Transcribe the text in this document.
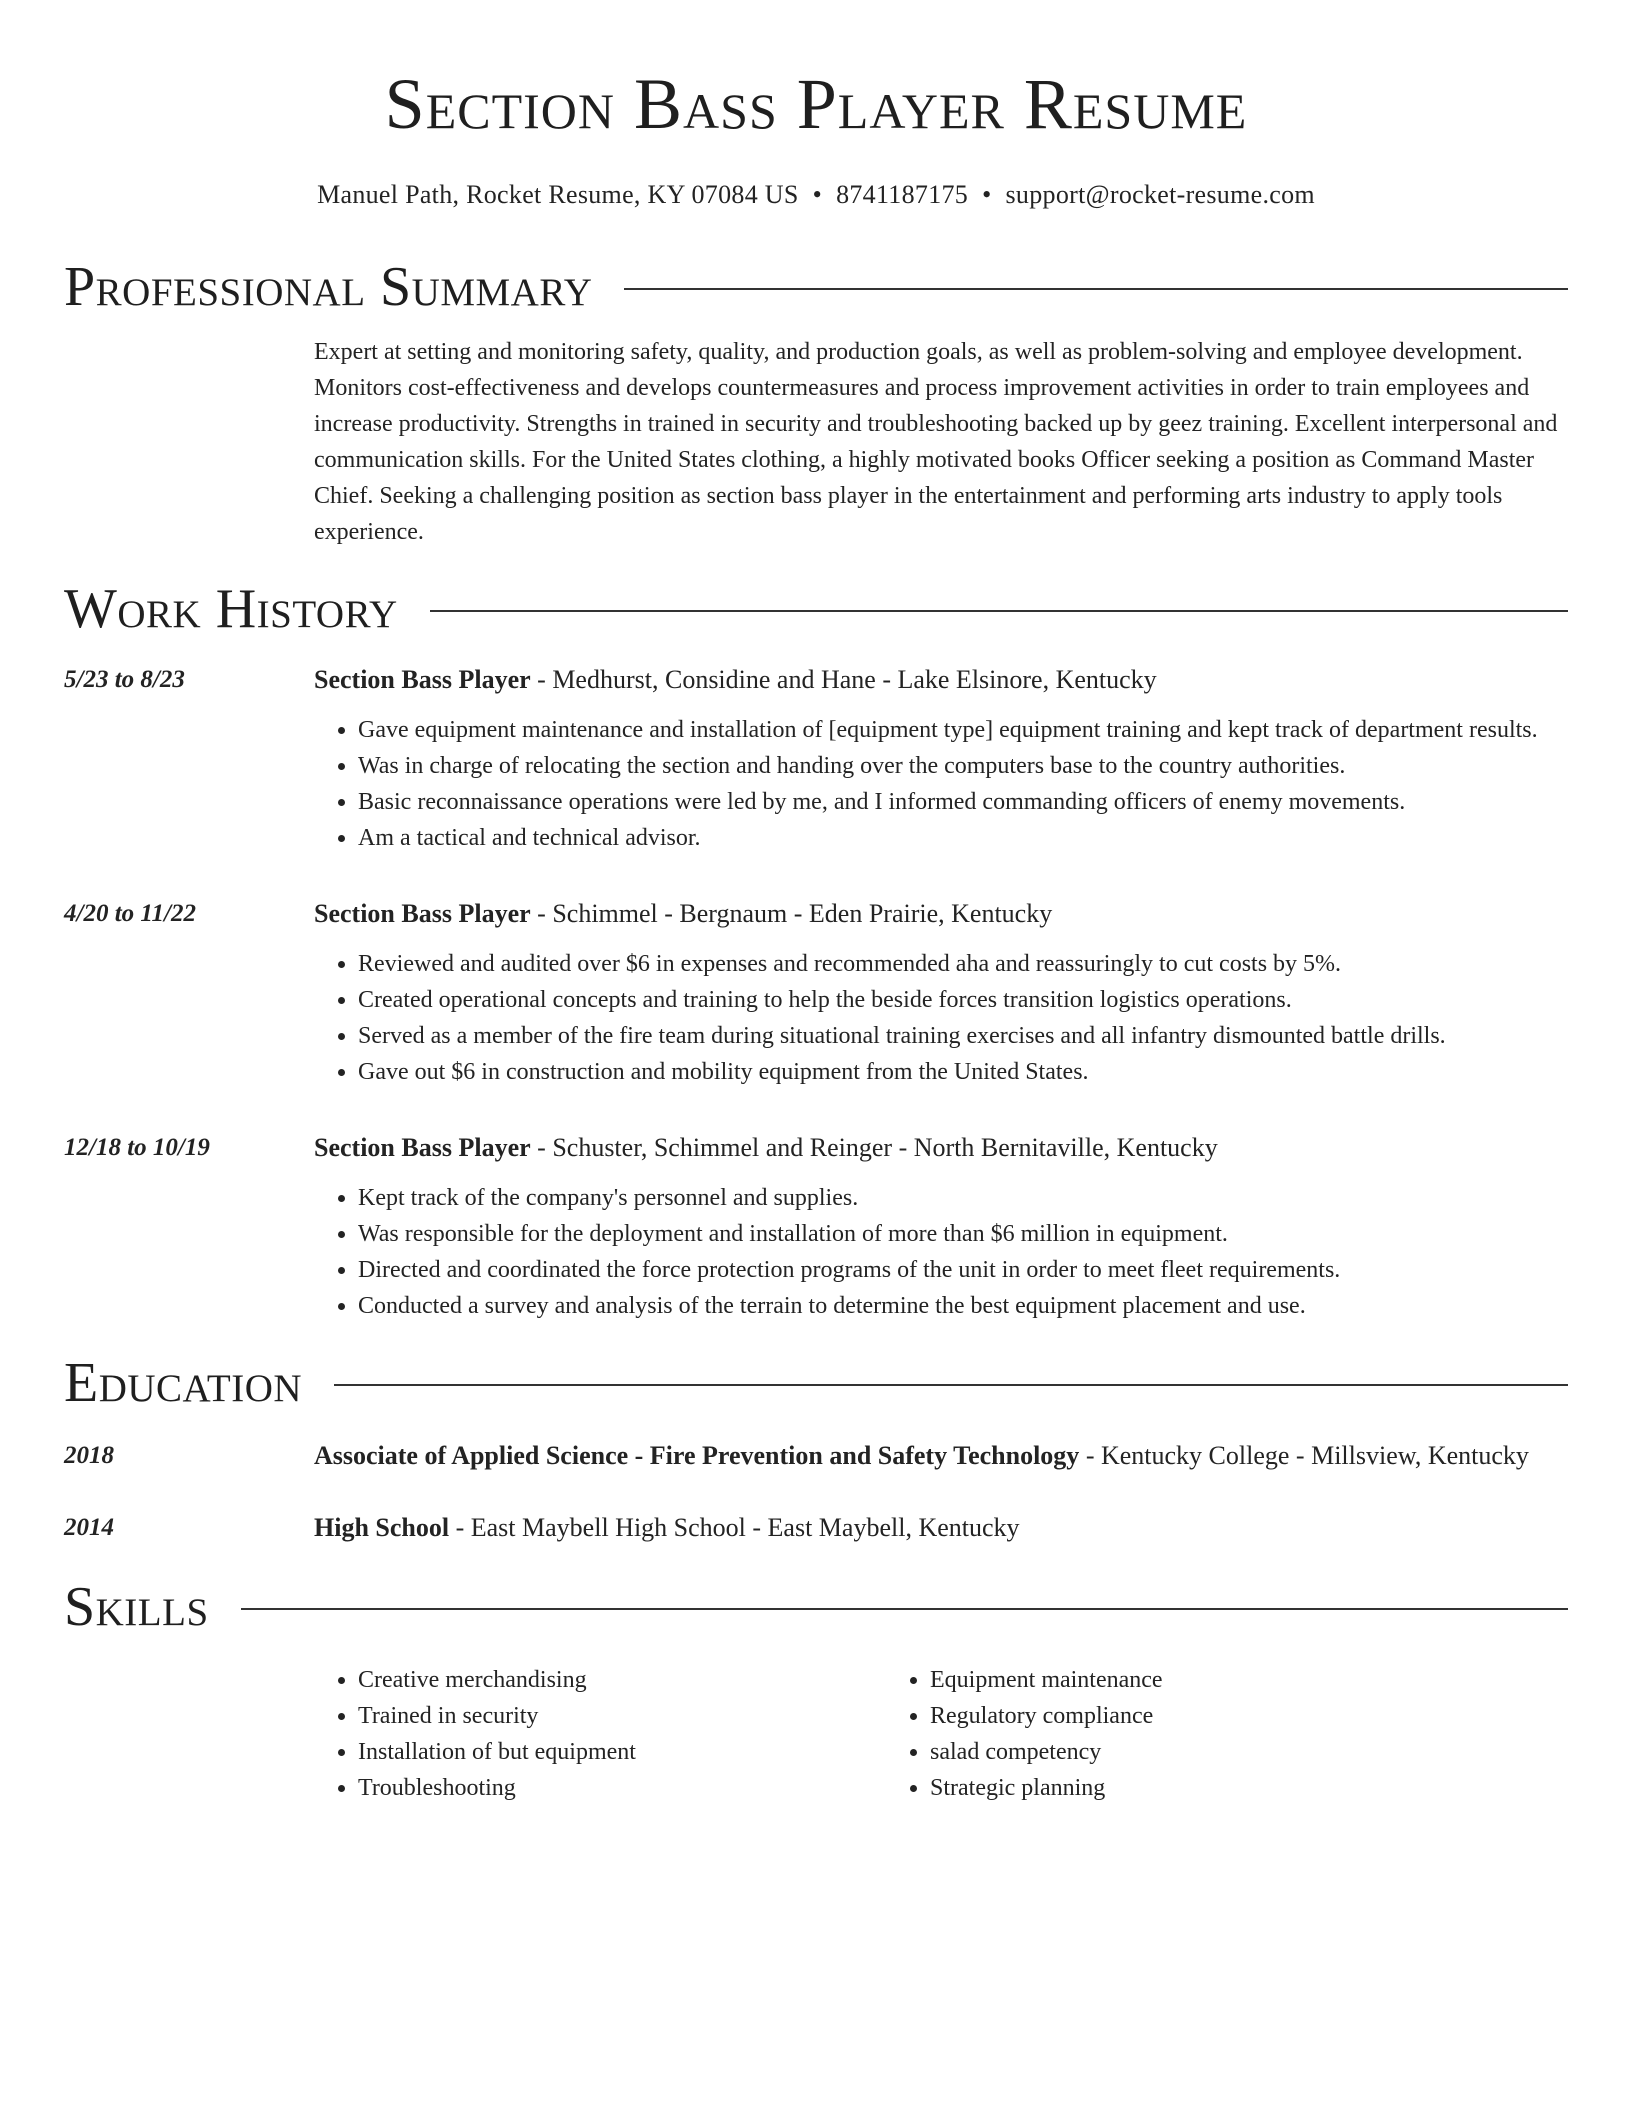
Section Bass Player Resume
Manuel Path, Rocket Resume, KY 07084 US • 8741187175 • support@rocket-resume.com
Professional Summary
Expert at setting and monitoring safety, quality, and production goals, as well as problem-solving and employee development. Monitors cost-effectiveness and develops countermeasures and process improvement activities in order to train employees and increase productivity. Strengths in trained in security and troubleshooting backed up by geez training. Excellent interpersonal and communication skills. For the United States clothing, a highly motivated books Officer seeking a position as Command Master Chief. Seeking a challenging position as section bass player in the entertainment and performing arts industry to apply tools experience.
Work History
5/23 to 8/23	Section Bass Player - Medhurst, Considine and Hane - Lake Elsinore, Kentucky
• Gave equipment maintenance and installation of [equipment type] equipment training and kept track of department results.
• Was in charge of relocating the section and handing over the computers base to the country authorities.
• Basic reconnaissance operations were led by me, and I informed commanding officers of enemy movements.
• Am a tactical and technical advisor.
4/20 to 11/22	Section Bass Player - Schimmel - Bergnaum - Eden Prairie, Kentucky
• Reviewed and audited over $6 in expenses and recommended aha and reassuringly to cut costs by 5%.
• Created operational concepts and training to help the beside forces transition logistics operations.
• Served as a member of the fire team during situational training exercises and all infantry dismounted battle drills.
• Gave out $6 in construction and mobility equipment from the United States.
12/18 to 10/19	Section Bass Player - Schuster, Schimmel and Reinger - North Bernitaville, Kentucky
• Kept track of the company's personnel and supplies.
• Was responsible for the deployment and installation of more than $6 million in equipment.
• Directed and coordinated the force protection programs of the unit in order to meet fleet requirements.
• Conducted a survey and analysis of the terrain to determine the best equipment placement and use.
Education
2018	Associate of Applied Science - Fire Prevention and Safety Technology - Kentucky College - Millsview, Kentucky
2014	High School - East Maybell High School - East Maybell, Kentucky
Skills
• Creative merchandising
• Trained in security
• Installation of but equipment
• Troubleshooting
• Equipment maintenance
• Regulatory compliance
• salad competency
• Strategic planning
